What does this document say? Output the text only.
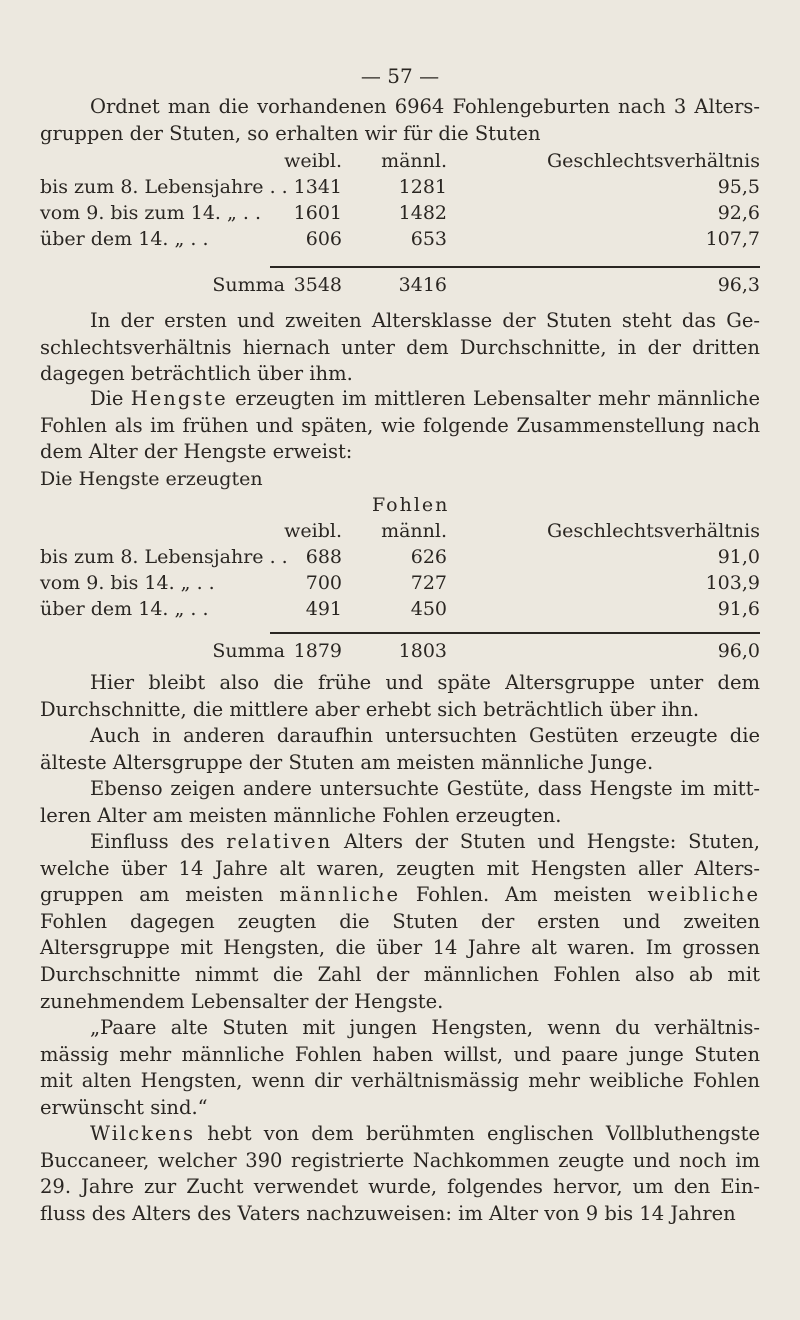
— 57 —
Ordnet man die vorhandenen 6964 Fohlengeburten nach 3 Alters-gruppen der Stuten, so erhalten wir für die Stuten
weibl. männl.	Geschlechtsverhältnis
bis zum 8. Lebensjahre . . 1341	1281	95,5
vom 9. bis zum 14. „ . . 1601	1482	92,6
über dem 14. „ . .	606	653	107,7
Summa 3548	3416	96,3
In der ersten und zweiten Altersklasse der Stuten steht das Ge-schlechtsverhältnis hiernach unter dem Durchschnitte, in der dritten dagegen beträchtlich über ihm.
Die Hengste erzeugten im mittleren Lebensalter mehr männliche Fohlen als im frühen und späten, wie folgende Zusammenstellung nach dem Alter der Hengste erweist:
Die Hengste erzeugten
Fohlen
weibl. männl.	Geschlechtsverhältnis
bis zum 8. Lebensjahre . . 688	626	91,0
vom 9. bis 14. „ . .	700	727	103,9
über dem 14. „ . .	491	450	91,6
Summa 1879	1803	96,0
Hier bleibt also die frühe und späte Altersgruppe unter dem Durchschnitte, die mittlere aber erhebt sich beträchtlich über ihn.
Auch in anderen daraufhin untersuchten Gestüten erzeugte die älteste Altersgruppe der Stuten am meisten männliche Junge.
Ebenso zeigen andere untersuchte Gestüte, dass Hengste im mitt-leren Alter am meisten männliche Fohlen erzeugten.
Einfluss des relativen Alters der Stuten und Hengste: Stuten, welche über 14 Jahre alt waren, zeugten mit Hengsten aller Alters-gruppen am meisten männliche Fohlen. Am meisten weibliche Fohlen dagegen zeugten die Stuten der ersten und zweiten Altersgruppe mit Hengsten, die über 14 Jahre alt waren. Im grossen Durchschnitte nimmt die Zahl der männlichen Fohlen also ab mit zunehmendem Lebensalter der Hengste.
„Paare alte Stuten mit jungen Hengsten, wenn du verhältnis-mässig mehr männliche Fohlen haben willst, und paare junge Stuten mit alten Hengsten, wenn dir verhältnismässig mehr weibliche Fohlen erwünscht sind.“
Wilckens hebt von dem berühmten englischen Vollbluthengste Buccaneer, welcher 390 registrierte Nachkommen zeugte und noch im 29. Jahre zur Zucht verwendet wurde, folgendes hervor, um den Ein-fluss des Alters des Vaters nachzuweisen: im Alter von 9 bis 14 Jahren
